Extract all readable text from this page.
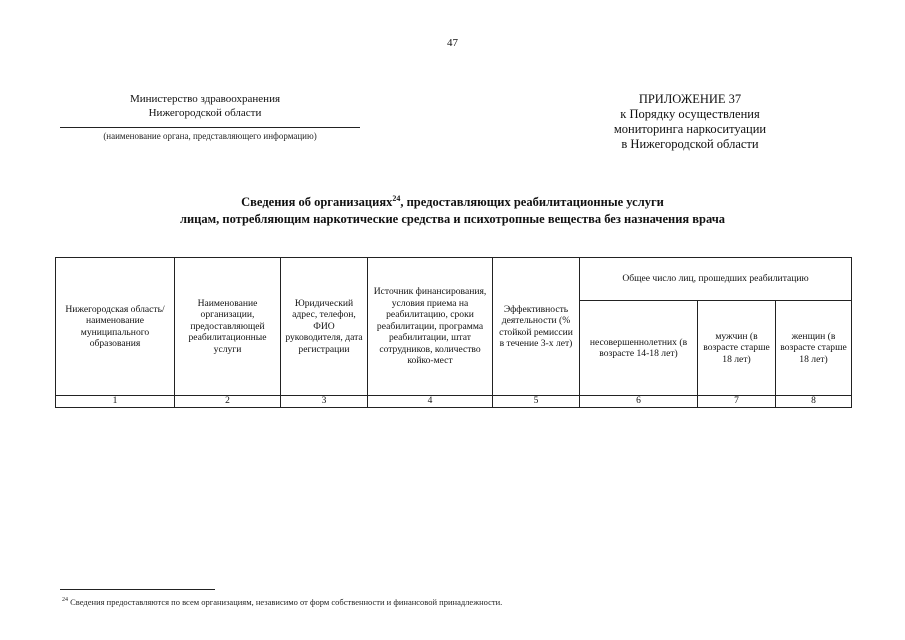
47
Министерство здравоохранения
Нижегородской области
(наименование органа, представляющего информацию)
ПРИЛОЖЕНИЕ 37
к Порядку осуществления
мониторинга наркоситуации
в Нижегородской области
Сведения об организациях$^{24}$, предоставляющих реабилитационные услуги
лицам, потребляющим наркотические средства и психотропные вещества без назначения врача
Нижегородская область/ наименование муниципального образования	Наименование организации, предоставляющей реабилитационные услуги	Юридический адрес, телефон, ФИО руководителя, дата регистрации	Источник финансирования, условия приема на реабилитацию, сроки реабилитации, программа реабилитации, штат сотрудников, количество койко-мест	Эффективность деятельности (% стойкой ремиссии в течение 3-х лет)	Общее число лиц, прошедших реабилитацию		
					несовершеннолетних (в возрасте 14-18 лет)	мужчин (в возрасте старше 18 лет)	женщин (в возрасте старше 18 лет)
1	2	3	4	5	6	7	8
$^{24}$ Сведения предоставляются по всем организациям, независимо от форм собственности и финансовой принадлежности.
